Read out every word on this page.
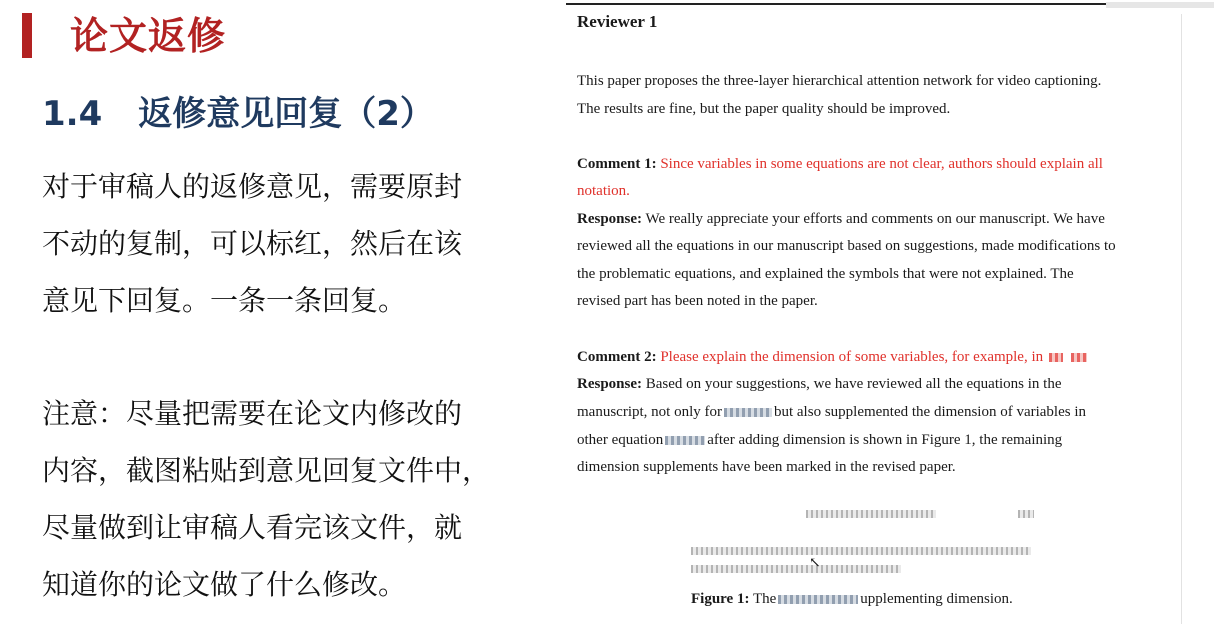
论文返修
1.4 返修意见回复（2）
对于审稿人的返修意见，需要原封
不动的复制，可以标红，然后在该
意见下回复。一条一条回复。
注意：尽量把需要在论文内修改的
内容，截图粘贴到意见回复文件中，
尽量做到让审稿人看完该文件，就
知道你的论文做了什么修改。
Reviewer 1
This paper proposes the three-layer hierarchical attention network for video captioning.
The results are fine, but the paper quality should be improved.
Comment 1: Since variables in some equations are not clear, authors should explain all
notation.
Response: We really appreciate your efforts and comments on our manuscript. We have
reviewed all the equations in our manuscript based on suggestions, made modifications to
the problematic equations, and explained the symbols that were not explained. The
revised part has been noted in the paper.
Comment 2: Please explain the dimension of some variables, for example, in
Response: Based on your suggestions, we have reviewed all the equations in the
manuscript, not only for	but also supplemented the dimension of variables in
other equation	after adding dimension is shown in Figure 1, the remaining
dimension supplements have been marked in the revised paper.
↖
Figure 1: The	upplementing dimension.
